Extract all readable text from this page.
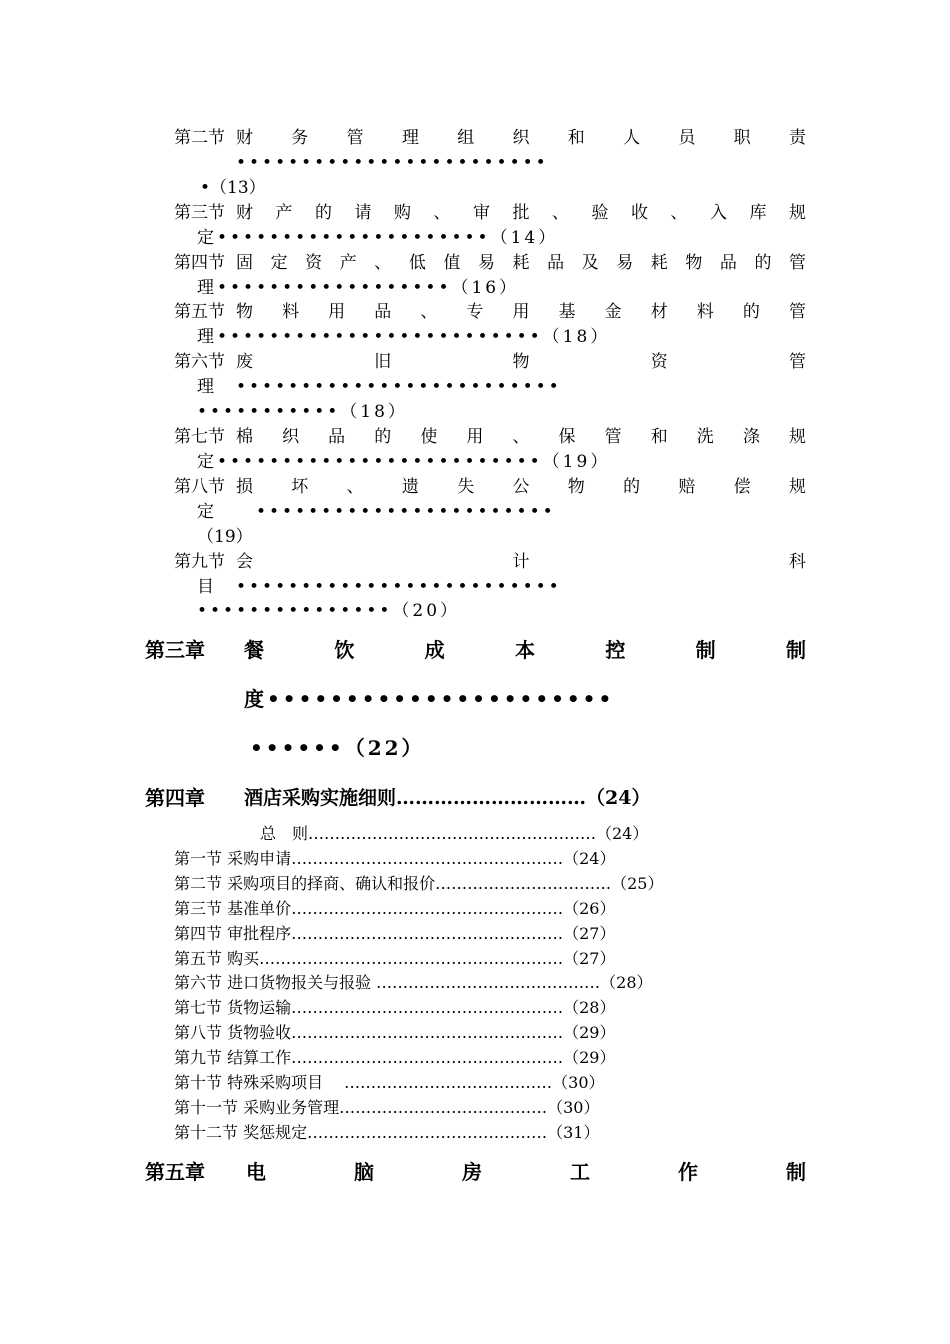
第二节 财 务 管 理 组 织 和 人 员 职 责
••••••••••••••••••••••••
•（13）
第三节 财 产 的 请 购 、 审 批 、 验 收 、 入 库 规
定•••••••••••••••••••••（14）
第四节 固 定 资 产 、 低 值 易 耗 品 及 易 耗 物 品 的 管
理••••••••••••••••••（16）
第五节 物 料 用 品 、 专 用 基 金 材 料 的 管
理•••••••••••••••••••••••••（18）
第六节 废	旧	物	资	管
理 •••••••••••••••••••••••••
•••••••••••（18）
第七节 棉 织 品 的 使 用 、 保 管 和 洗 涤 规
定•••••••••••••••••••••••••（19）
第八节 损 坏 、 遗 失 公 物 的 赔 偿 规
定 •••••••••••••••••••••••
（19）
第九节 会	计	科
目 •••••••••••••••••••••••••
•••••••••••••••（20）
第三章 餐	饮	成	本	控	制	制
度••••••••••••••••••••••
••••••（22）
第四章 酒店采购实施细则…………………………（24）
总　则………………………………………………（24）
第一节 采购申请……………………………………………（24）
第二节 采购项目的择商、确认和报价……………………………（25）
第三节 基准单价……………………………………………（26）
第四节 审批程序……………………………………………（27）
第五节 购买…………………………………………………（27）
第六节 进口货物报关与报验 ……………………………………（28）
第七节 货物运输……………………………………………（28）
第八节 货物验收……………………………………………（29）
第九节 结算工作……………………………………………（29）
第十节 特殊采购项目　 …………………………………（30）
第十一节 采购业务管理…………………………………（30）
第十二节 奖惩规定………………………………………（31）
第五章 电	脑	房	工	作	制
